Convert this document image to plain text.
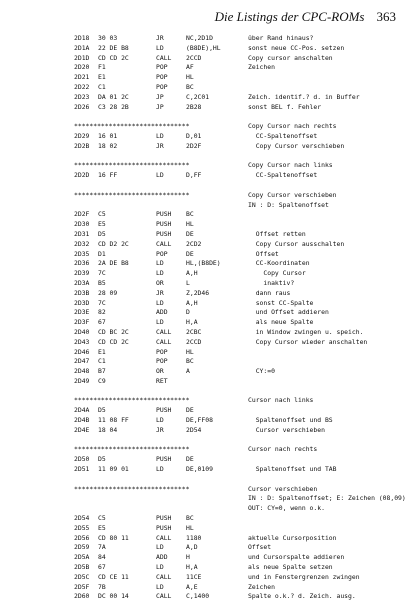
Die Listings der CPC-ROMs 363
2D18 30 03	JR	NC,2D1D	über Rand hinaus?
2D1A 22 DE B8	LD	(B8DE),HL	sonst neue CC-Pos. setzen
2D1D CD CD 2C	CALL 2CCD	Copy cursor anschalten
2D20 F1	POP	AF	Zeichen
2D21 E1	POP	HL
2D22 C1	POP	BC
2D23 DA 01 2C	JP	C,2C01	Zeich. identif.? d. in Buffer
2D26 C3 28 2B	JP	2B28	sonst BEL f. Fehler
******************************	Copy Cursor nach rechts
2D29 16 01	LD	D,01	CC-Spaltenoffset
2D2B 18 02	JR	2D2F	Copy Cursor verschieben
******************************	Copy Cursor nach links
2D2D 16 FF	LD	D,FF	CC-Spaltenoffset
******************************	Copy Cursor verschieben
IN : D: Spaltenoffset
2D2F C5	PUSH BC
2D30 E5	PUSH HL
2D31 D5	PUSH DE	Offset retten
2D32 CD D2 2C	CALL 2CD2	Copy Cursor ausschalten
2D35 D1	POP	DE	Offset
2D36 2A DE B8	LD	HL,(B8DE)	CC-Koordinaten
2D39 7C	LD	A,H	Copy Cursor
2D3A B5	OR	L	inaktiv?
2D3B 28 09	JR	Z,2D46	dann raus
2D3D 7C	LD	A,H	sonst CC-Spalte
2D3E 82	ADD	D	und Offset addieren
2D3F 67	LD	H,A	als neue Spalte
2D40 CD BC 2C	CALL 2CBC	in Window zwingen u. speich.
2D43 CD CD 2C	CALL 2CCD	Copy Cursor wieder anschalten
2D46 E1	POP	HL
2D47 C1	POP	BC
2D48 B7	OR	A	CY:=0
2D49 C9	RET
******************************	Cursor nach links
2D4A D5	PUSH DE
2D4B 11 08 FF	LD	DE,FF08	Spaltenoffset und BS
2D4E 18 04	JR	2D54	Cursor verschieben
******************************	Cursor nach rechts
2D50 D5	PUSH DE
2D51 11 09 01	LD	DE,0109	Spaltenoffset und TAB
******************************	Cursor verschieben
IN : D: Spaltenoffset; E: Zeichen (08,09)
OUT: CY=0, wenn o.k.
2D54 C5	PUSH BC
2D55 E5	PUSH HL
2D56 CD 80 11	CALL 1180	aktuelle Cursorposition
2D59 7A	LD	A,D	Offset
2D5A 84	ADD	H	und Cursorspalte addieren
2D5B 67	LD	H,A	als neue Spalte setzen
2D5C CD CE 11	CALL 11CE	und in Fenstergrenzen zwingen
2D5F 7B	LD	A,E	Zeichen
2D60 DC 00 14	CALL C,1400	Spalte o.k.? d. Zeich. ausg.
